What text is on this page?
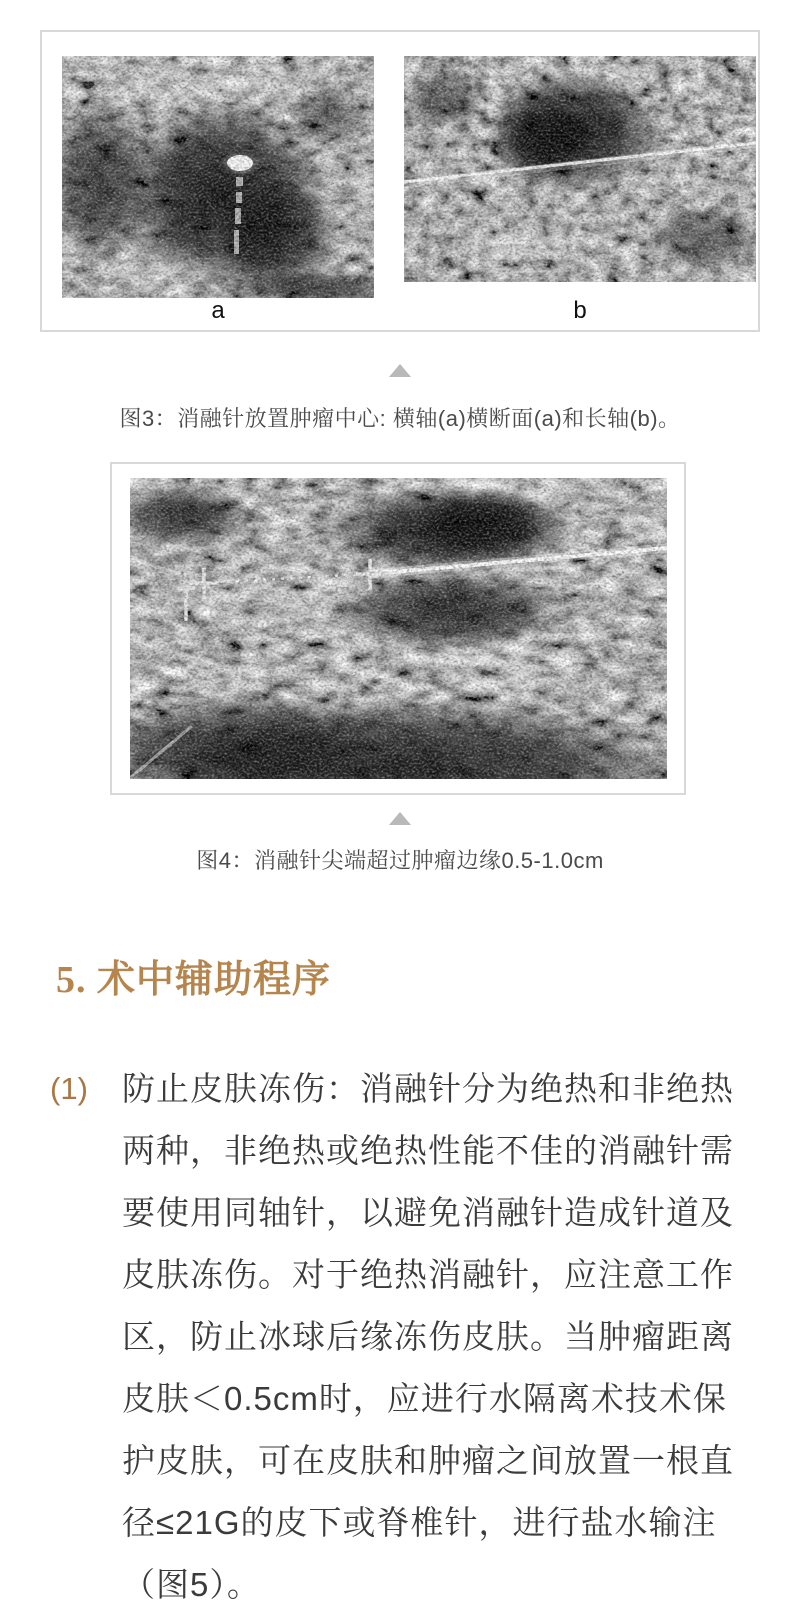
a	b
图3：消融针放置肿瘤中心: 横轴(a)横断面(a)和长轴(b)。
图4：消融针尖端超过肿瘤边缘0.5-1.0cm
5. 术中辅助程序
(1) 防止皮肤冻伤：消融针分为绝热和非绝热
两种，非绝热或绝热性能不佳的消融针需
要使用同轴针，以避免消融针造成针道及
皮肤冻伤。对于绝热消融针，应注意工作
区，防止冰球后缘冻伤皮肤。当肿瘤距离
皮肤＜0.5cm时，应进行水隔离术技术保
护皮肤，可在皮肤和肿瘤之间放置一根直
径≤21G的皮下或脊椎针，进行盐水输注
（图5）。
